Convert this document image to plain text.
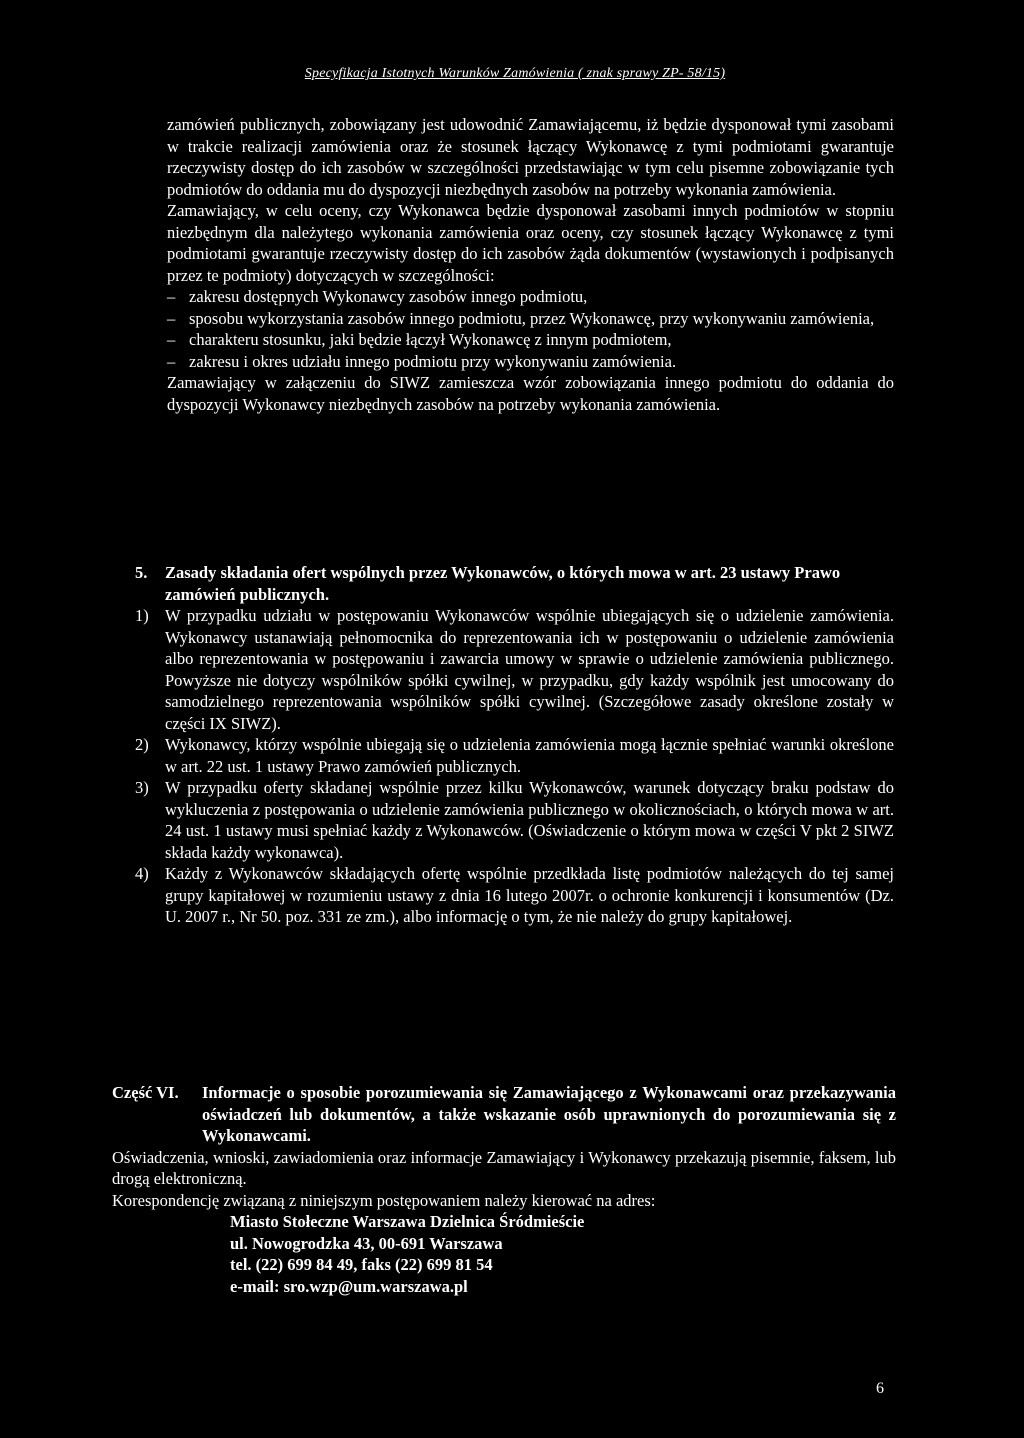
Specyfikacja Istotnych Warunków Zamówienia ( znak sprawy ZP- 58/15)

zamówień publicznych, zobowiązany jest udowodnić Zamawiającemu, iż będzie dysponował tymi zasobami w trakcie realizacji zamówienia oraz że stosunek łączący Wykonawcę z tymi podmiotami gwarantuje rzeczywisty dostęp do ich zasobów w szczególności przedstawiając w tym celu pisemne zobowiązanie tych podmiotów do oddania mu do dyspozycji niezbędnych zasobów na potrzeby wykonania zamówienia.

Zamawiający, w celu oceny, czy Wykonawca będzie dysponował zasobami innych podmiotów w stopniu niezbędnym dla należytego wykonania zamówienia oraz oceny, czy stosunek łączący Wykonawcę z tymi podmiotami gwarantuje rzeczywisty dostęp do ich zasobów żąda dokumentów (wystawionych i podpisanych przez te podmioty) dotyczących w szczególności:

– zakresu dostępnych Wykonawcy zasobów innego podmiotu,
– sposobu wykorzystania zasobów innego podmiotu, przez Wykonawcę, przy wykonywaniu zamówienia,
– charakteru stosunku, jaki będzie łączył Wykonawcę z innym podmiotem,
– zakresu i okres udziału innego podmiotu przy wykonywaniu zamówienia.

Zamawiający w załączeniu do SIWZ zamieszcza wzór zobowiązania innego podmiotu do oddania do dyspozycji Wykonawcy niezbędnych zasobów na potrzeby wykonania zamówienia.

5.	Zasady składania ofert wspólnych przez Wykonawców, o których mowa w art. 23 ustawy Prawo zamówień publicznych.
1) W przypadku udziału w postępowaniu Wykonawców wspólnie ubiegających się o udzielenie zamówienia. Wykonawcy ustanawiają pełnomocnika do reprezentowania ich w postępowaniu o udzielenie zamówienia albo reprezentowania w postępowaniu i zawarcia umowy w sprawie o udzielenie zamówienia publicznego. Powyższe nie dotyczy wspólników spółki cywilnej, w przypadku, gdy każdy wspólnik jest umocowany do samodzielnego reprezentowania wspólników spółki cywilnej. (Szczegółowe zasady określone zostały w części IX SIWZ).
2) Wykonawcy, którzy wspólnie ubiegają się o udzielenia zamówienia mogą łącznie spełniać warunki określone w art. 22 ust. 1 ustawy Prawo zamówień publicznych.
3) W przypadku oferty składanej wspólnie przez kilku Wykonawców, warunek dotyczący braku podstaw do wykluczenia z postępowania o udzielenie zamówienia publicznego w okolicznościach, o których mowa w art. 24 ust. 1 ustawy musi spełniać każdy z Wykonawców. (Oświadczenie o którym mowa w części V pkt 2 SIWZ składa każdy wykonawca).
4) Każdy z Wykonawców składających ofertę wspólnie przedkłada listę podmiotów należących do tej samej grupy kapitałowej w rozumieniu ustawy z dnia 16 lutego 2007r. o ochronie konkurencji i konsumentów (Dz. U. 2007 r., Nr 50. poz. 331 ze zm.), albo informację o tym, że nie należy do grupy kapitałowej.
Część VI.	Informacje o sposobie porozumiewania się Zamawiającego z Wykonawcami oraz przekazywania oświadczeń lub dokumentów, a także wskazanie osób uprawnionych do porozumiewania się z Wykonawcami.

Oświadczenia, wnioski, zawiadomienia oraz informacje Zamawiający i Wykonawcy przekazują pisemnie, faksem, lub drogą elektroniczną.

Korespondencję związaną z niniejszym postępowaniem należy kierować na adres:

Miasto Stołeczne Warszawa Dzielnica Śródmieście
ul. Nowogrodzka 43, 00-691 Warszawa
tel. (22) 699 84 49, faks (22) 699 81 54
e-mail: sro.wzp@um.warszawa.pl
6
